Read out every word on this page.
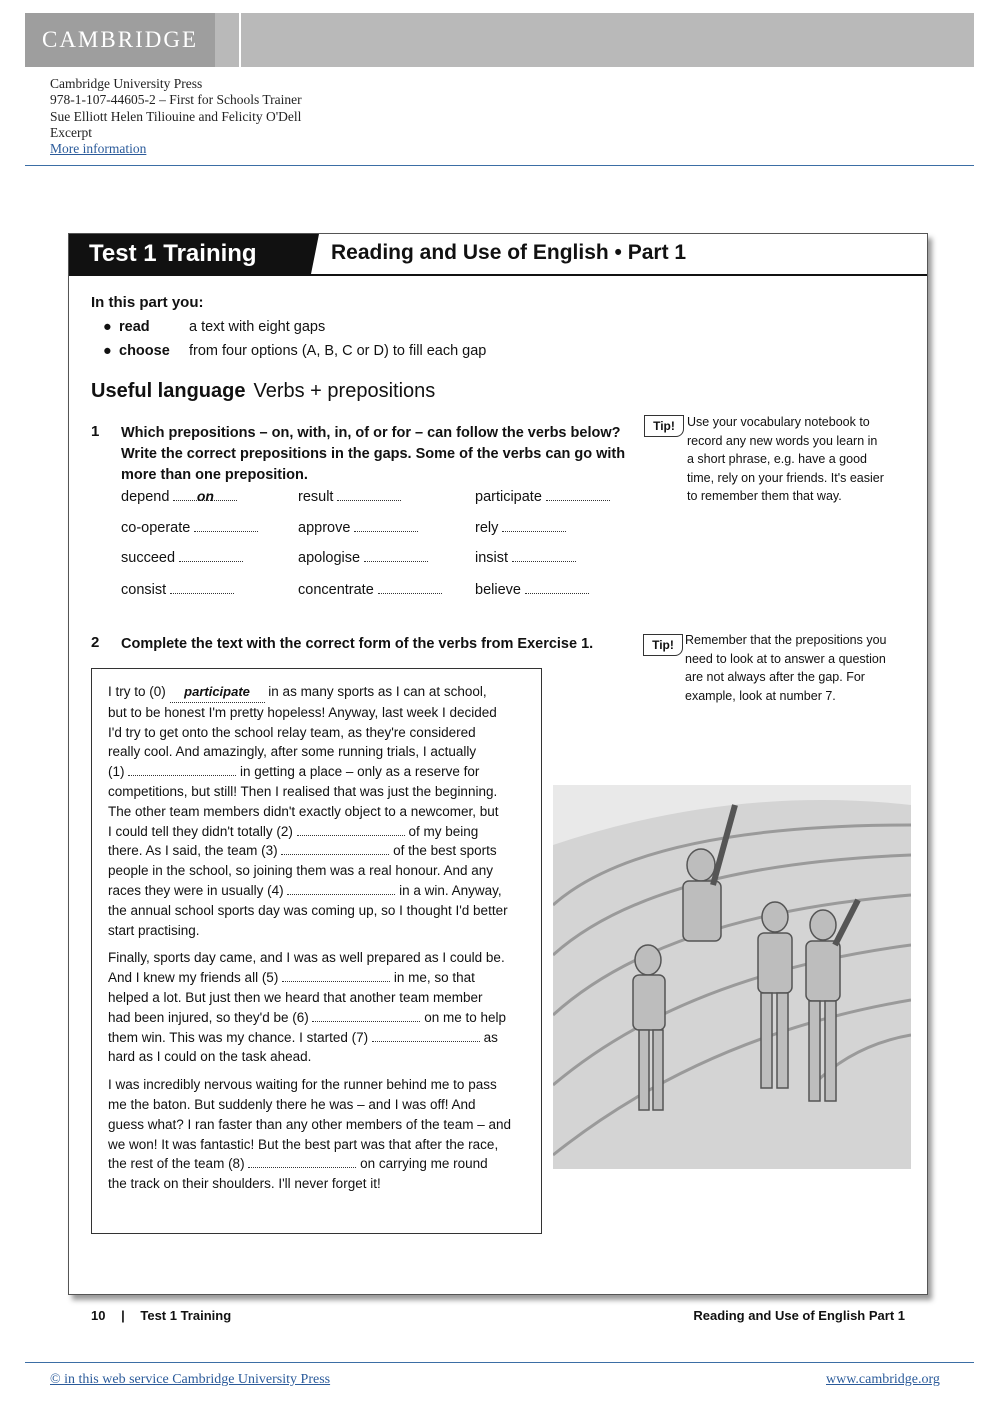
CAMBRIDGE
Cambridge University Press
978-1-107-44605-2 – First for Schools Trainer
Sue Elliott Helen Tiliouine and Felicity O'Dell
Excerpt
More information
Test 1 Training	Reading and Use of English • Part 1
In this part you:
● read	a text with eight gaps
● choose from four options (A, B, C or D) to fill each gap
Useful language Verbs + prepositions
1 Which prepositions – on, with, in, of or for – can follow the verbs below?
Write the correct prepositions in the gaps. Some of the verbs can go with
more than one preposition.
depend on	result	participate
co-operate	approve	rely
succeed	apologise	insist
consist	concentrate	believe
Tip! Use your vocabulary notebook to
record any new words you learn in
a short phrase, e.g. have a good
time, rely on your friends. It's easier
to remember them that way.
2 Complete the text with the correct form of the verbs from Exercise 1.	Tip! Remember that the prepositions you
need to look at to answer a question
are not always after the gap. For
example, look at number 7.

I try to (0) participate in as many sports as I can at school,
but to be honest I'm pretty hopeless! Anyway, last week I decided
I'd try to get onto the school relay team, as they're considered
really cool. And amazingly, after some running trials, I actually
(1)	in getting a place – only as a reserve for
competitions, but still! Then I realised that was just the beginning.
The other team members didn't exactly object to a newcomer, but
I could tell they didn't totally (2)	of my being
there. As I said, the team (3)	of the best sports
people in the school, so joining them was a real honour. And any
races they were in usually (4)	in a win. Anyway,
the annual school sports day was coming up, so I thought I'd better
start practising.

Finally, sports day came, and I was as well prepared as I could be.
And I knew my friends all (5)	in me, so that
helped a lot. But just then we heard that another team member
had been injured, so they'd be (6)	on me to help
them win. This was my chance. I started (7)	as
hard as I could on the task ahead.

I was incredibly nervous waiting for the runner behind me to pass
me the baton. But suddenly there he was – and I was off! And
guess what? I ran faster than any other members of the team – and
we won! It was fantastic! But the best part was that after the race,
the rest of the team (8)	on carrying me round
the track on their shoulders. I'll never forget it!

10 | Test 1 Training	Reading and Use of English Part 1
© in this web service Cambridge University Press	www.cambridge.org
